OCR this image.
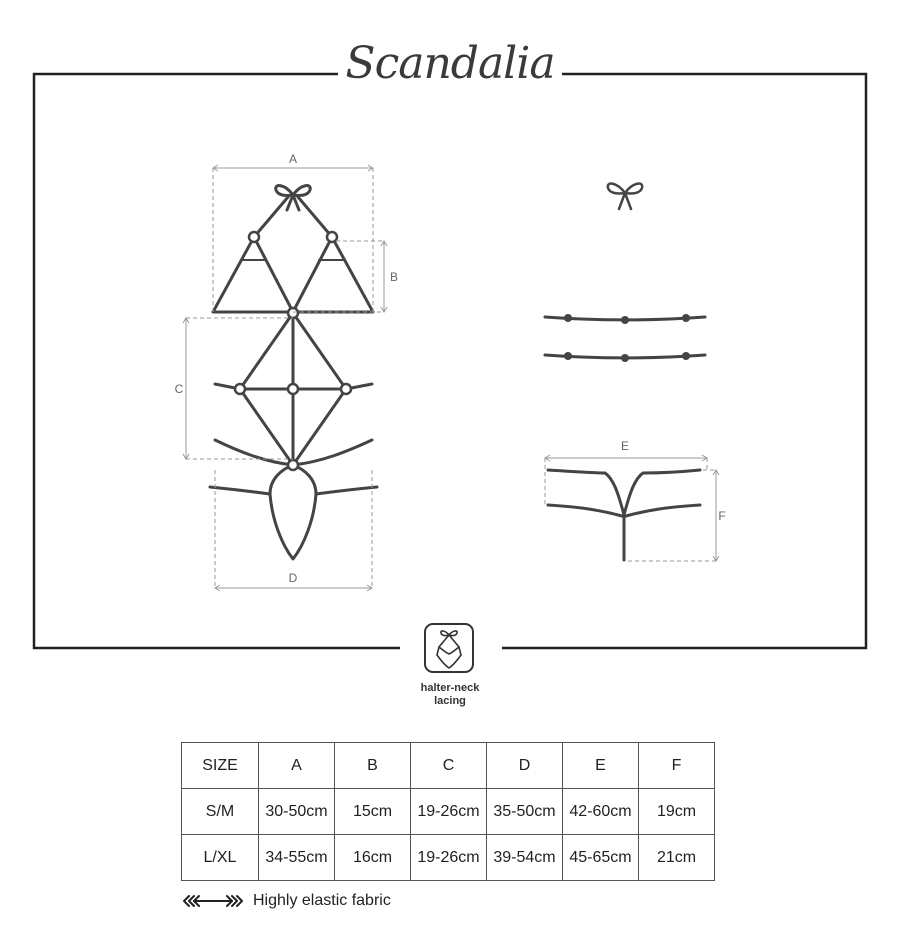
Scandalia
A
B
C
D
E
F
halter-neck
lacing
SIZE	A	B	C	D	E	F
S/M	30-50cm	15cm	19-26cm	35-50cm	42-60cm	19cm
L/XL	34-55cm	16cm	19-26cm	39-54cm	45-65cm	21cm
Highly elastic fabric
